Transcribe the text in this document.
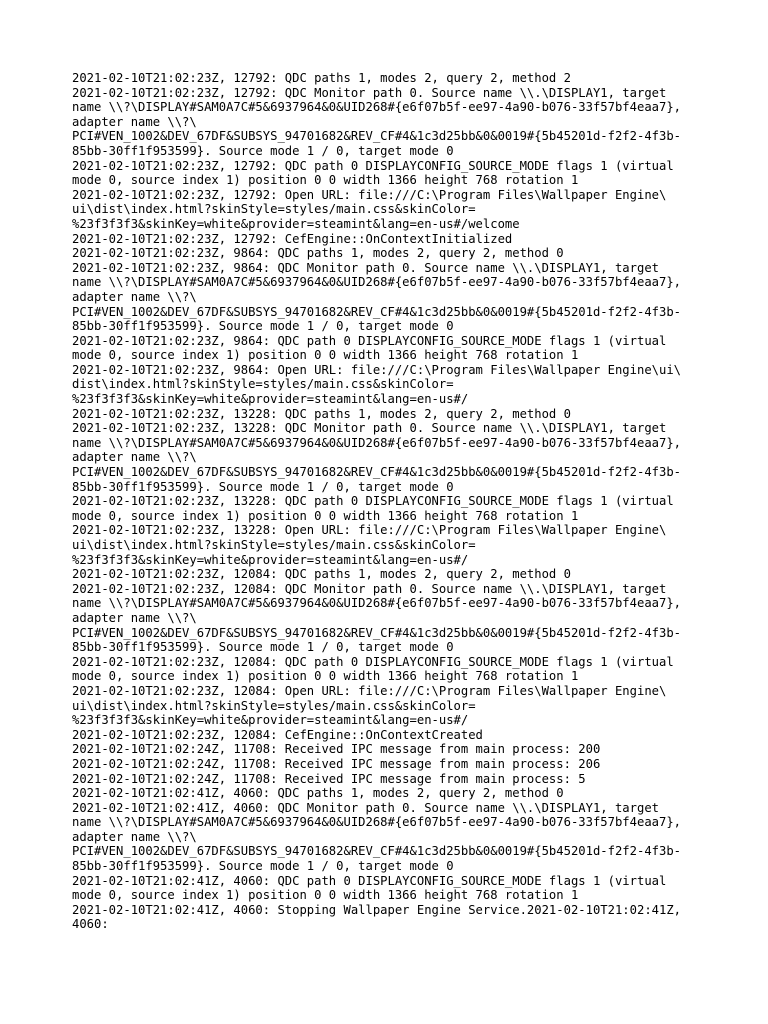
2021-02-10T21:02:23Z, 12792: QDC paths 1, modes 2, query 2, method 2
2021-02-10T21:02:23Z, 12792: QDC Monitor path 0. Source name \\.\DISPLAY1, target
name \\?\DISPLAY#SAM0A7C#5&6937964&0&UID268#{e6f07b5f-ee97-4a90-b076-33f57bf4eaa7},
adapter name \\?\
PCI#VEN_1002&DEV_67DF&SUBSYS_94701682&REV_CF#4&1c3d25bb&0&0019#{5b45201d-f2f2-4f3b-
85bb-30ff1f953599}. Source mode 1 / 0, target mode 0
2021-02-10T21:02:23Z, 12792: QDC path 0 DISPLAYCONFIG_SOURCE_MODE flags 1 (virtual
mode 0, source index 1) position 0 0 width 1366 height 768 rotation 1
2021-02-10T21:02:23Z, 12792: Open URL: file:///C:\Program Files\Wallpaper Engine\
ui\dist\index.html?skinStyle=styles/main.css&skinColor=
%23f3f3f3&skinKey=white&provider=steamint&lang=en-us#/welcome
2021-02-10T21:02:23Z, 12792: CefEngine::OnContextInitialized
2021-02-10T21:02:23Z, 9864: QDC paths 1, modes 2, query 2, method 0
2021-02-10T21:02:23Z, 9864: QDC Monitor path 0. Source name \\.\DISPLAY1, target
name \\?\DISPLAY#SAM0A7C#5&6937964&0&UID268#{e6f07b5f-ee97-4a90-b076-33f57bf4eaa7},
adapter name \\?\
PCI#VEN_1002&DEV_67DF&SUBSYS_94701682&REV_CF#4&1c3d25bb&0&0019#{5b45201d-f2f2-4f3b-
85bb-30ff1f953599}. Source mode 1 / 0, target mode 0
2021-02-10T21:02:23Z, 9864: QDC path 0 DISPLAYCONFIG_SOURCE_MODE flags 1 (virtual
mode 0, source index 1) position 0 0 width 1366 height 768 rotation 1
2021-02-10T21:02:23Z, 9864: Open URL: file:///C:\Program Files\Wallpaper Engine\ui\
dist\index.html?skinStyle=styles/main.css&skinColor=
%23f3f3f3&skinKey=white&provider=steamint&lang=en-us#/
2021-02-10T21:02:23Z, 13228: QDC paths 1, modes 2, query 2, method 0
2021-02-10T21:02:23Z, 13228: QDC Monitor path 0. Source name \\.\DISPLAY1, target
name \\?\DISPLAY#SAM0A7C#5&6937964&0&UID268#{e6f07b5f-ee97-4a90-b076-33f57bf4eaa7},
adapter name \\?\
PCI#VEN_1002&DEV_67DF&SUBSYS_94701682&REV_CF#4&1c3d25bb&0&0019#{5b45201d-f2f2-4f3b-
85bb-30ff1f953599}. Source mode 1 / 0, target mode 0
2021-02-10T21:02:23Z, 13228: QDC path 0 DISPLAYCONFIG_SOURCE_MODE flags 1 (virtual
mode 0, source index 1) position 0 0 width 1366 height 768 rotation 1
2021-02-10T21:02:23Z, 13228: Open URL: file:///C:\Program Files\Wallpaper Engine\
ui\dist\index.html?skinStyle=styles/main.css&skinColor=
%23f3f3f3&skinKey=white&provider=steamint&lang=en-us#/
2021-02-10T21:02:23Z, 12084: QDC paths 1, modes 2, query 2, method 0
2021-02-10T21:02:23Z, 12084: QDC Monitor path 0. Source name \\.\DISPLAY1, target
name \\?\DISPLAY#SAM0A7C#5&6937964&0&UID268#{e6f07b5f-ee97-4a90-b076-33f57bf4eaa7},
adapter name \\?\
PCI#VEN_1002&DEV_67DF&SUBSYS_94701682&REV_CF#4&1c3d25bb&0&0019#{5b45201d-f2f2-4f3b-
85bb-30ff1f953599}. Source mode 1 / 0, target mode 0
2021-02-10T21:02:23Z, 12084: QDC path 0 DISPLAYCONFIG_SOURCE_MODE flags 1 (virtual
mode 0, source index 1) position 0 0 width 1366 height 768 rotation 1
2021-02-10T21:02:23Z, 12084: Open URL: file:///C:\Program Files\Wallpaper Engine\
ui\dist\index.html?skinStyle=styles/main.css&skinColor=
%23f3f3f3&skinKey=white&provider=steamint&lang=en-us#/
2021-02-10T21:02:23Z, 12084: CefEngine::OnContextCreated
2021-02-10T21:02:24Z, 11708: Received IPC message from main process: 200
2021-02-10T21:02:24Z, 11708: Received IPC message from main process: 206
2021-02-10T21:02:24Z, 11708: Received IPC message from main process: 5
2021-02-10T21:02:41Z, 4060: QDC paths 1, modes 2, query 2, method 0
2021-02-10T21:02:41Z, 4060: QDC Monitor path 0. Source name \\.\DISPLAY1, target
name \\?\DISPLAY#SAM0A7C#5&6937964&0&UID268#{e6f07b5f-ee97-4a90-b076-33f57bf4eaa7},
adapter name \\?\
PCI#VEN_1002&DEV_67DF&SUBSYS_94701682&REV_CF#4&1c3d25bb&0&0019#{5b45201d-f2f2-4f3b-
85bb-30ff1f953599}. Source mode 1 / 0, target mode 0
2021-02-10T21:02:41Z, 4060: QDC path 0 DISPLAYCONFIG_SOURCE_MODE flags 1 (virtual
mode 0, source index 1) position 0 0 width 1366 height 768 rotation 1
2021-02-10T21:02:41Z, 4060: Stopping Wallpaper Engine Service.2021-02-10T21:02:41Z,
4060:
